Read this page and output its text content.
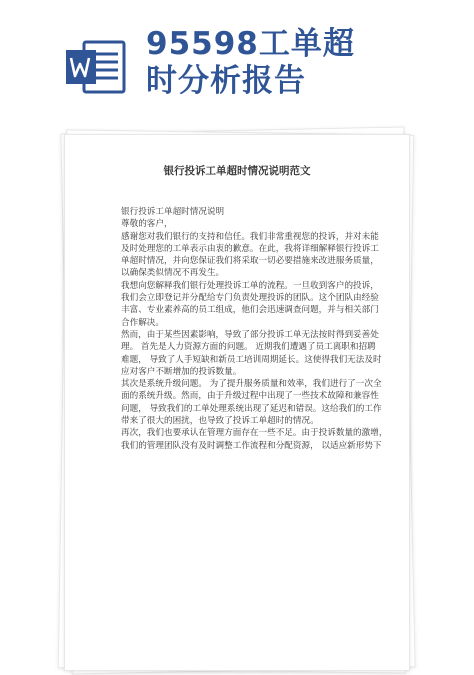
95598工单超
时分析报告
银行投诉工单超时情况说明范文

银行投诉工单超时情况说明

尊敬的客户，

感谢您对我们银行的支持和信任。我们非常重视您的投诉，并对未能
及时处理您的工单表示由衷的歉意。在此，我将详细解释银行投诉工
单超时情况，并向您保证我们将采取一切必要措施来改进服务质量，
以确保类似情况不再发生。

我想向您解释我们银行处理投诉工单的流程。一旦收到客户的投诉，
我们会立即登记并分配给专门负责处理投诉的团队。这个团队由经验
丰富、专业素养高的员工组成，他们会迅速调查问题，并与相关部门
合作解决。

然而，由于某些因素影响，导致了部分投诉工单无法按时得到妥善处
理。 首先是人力资源方面的问题。 近期我们遭遇了员工离职和招聘
难题， 导致了人手短缺和新员工培训周期延长。这使得我们无法及时
应对客户不断增加的投诉数量。

其次是系统升级问题。 为了提升服务质量和效率，我们进行了一次全
面的系统升级。然而，由于升级过程中出现了一些技术故障和兼容性
问题， 导致我们的工单处理系统出现了延迟和错误。这给我们的工作
带来了很大的困扰，也导致了投诉工单超时的情况。

再次，我们也要承认在管理方面存在一些不足。由于投诉数量的激增，
我们的管理团队没有及时调整工作流程和分配资源， 以适应新形势下
